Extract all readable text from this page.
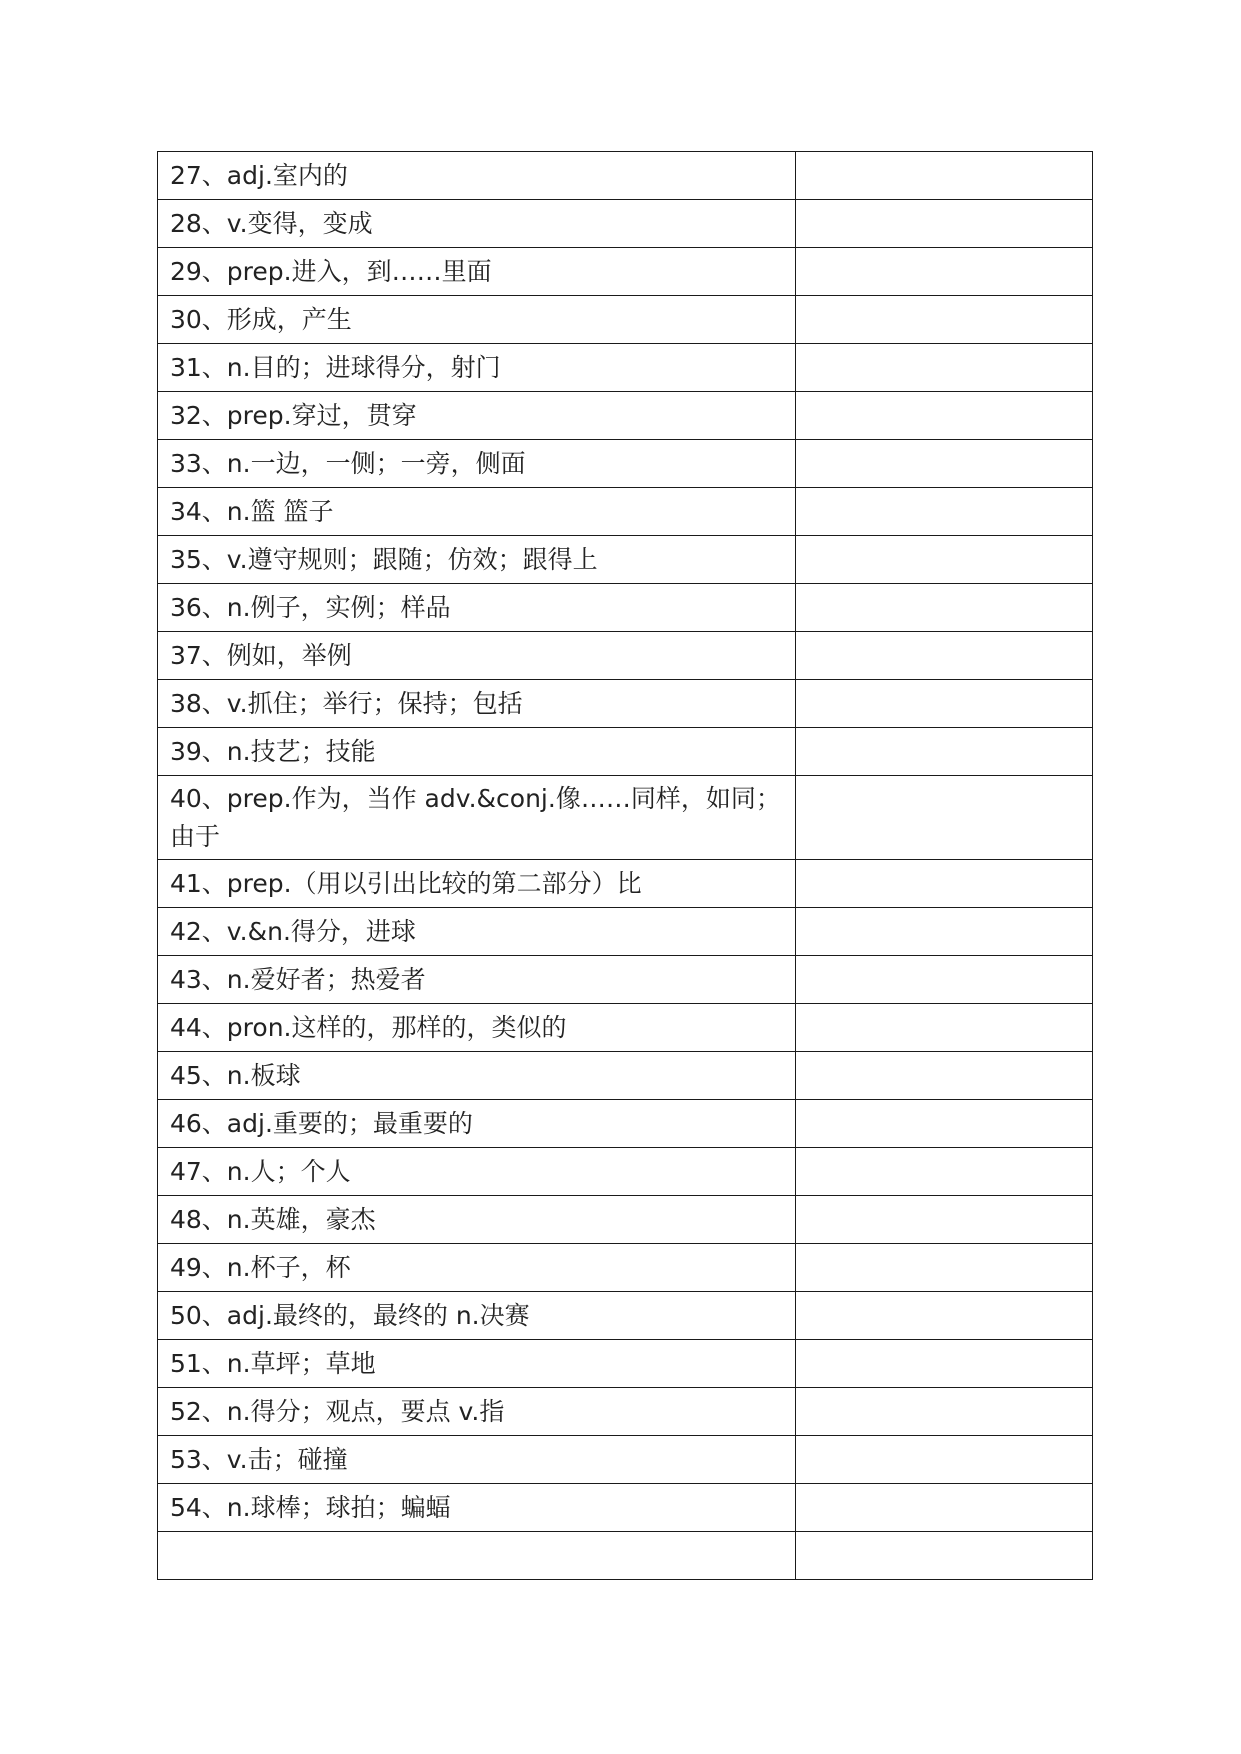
27、adj.室内的	
28、v.变得，变成	
29、prep.进入，到……里面	
30、形成，产生	
31、n.目的；进球得分，射门	
32、prep.穿过，贯穿	
33、n.一边，一侧；一旁，侧面	
34、n.篮 篮子	
35、v.遵守规则；跟随；仿效；跟得上	
36、n.例子，实例；样品	
37、例如，举例	
38、v.抓住；举行；保持；包括	
39、n.技艺；技能	
40、prep.作为，当作 adv.&conj.像……同样，如同；由于	
41、prep.（用以引出比较的第二部分）比	
42、v.&n.得分，进球	
43、n.爱好者；热爱者	
44、pron.这样的，那样的，类似的	
45、n.板球	
46、adj.重要的；最重要的	
47、n.人；个人	
48、n.英雄，豪杰	
49、n.杯子，杯	
50、adj.最终的，最终的 n.决赛	
51、n.草坪；草地	
52、n.得分；观点，要点 v.指	
53、v.击；碰撞	
54、n.球棒；球拍；蝙蝠	
